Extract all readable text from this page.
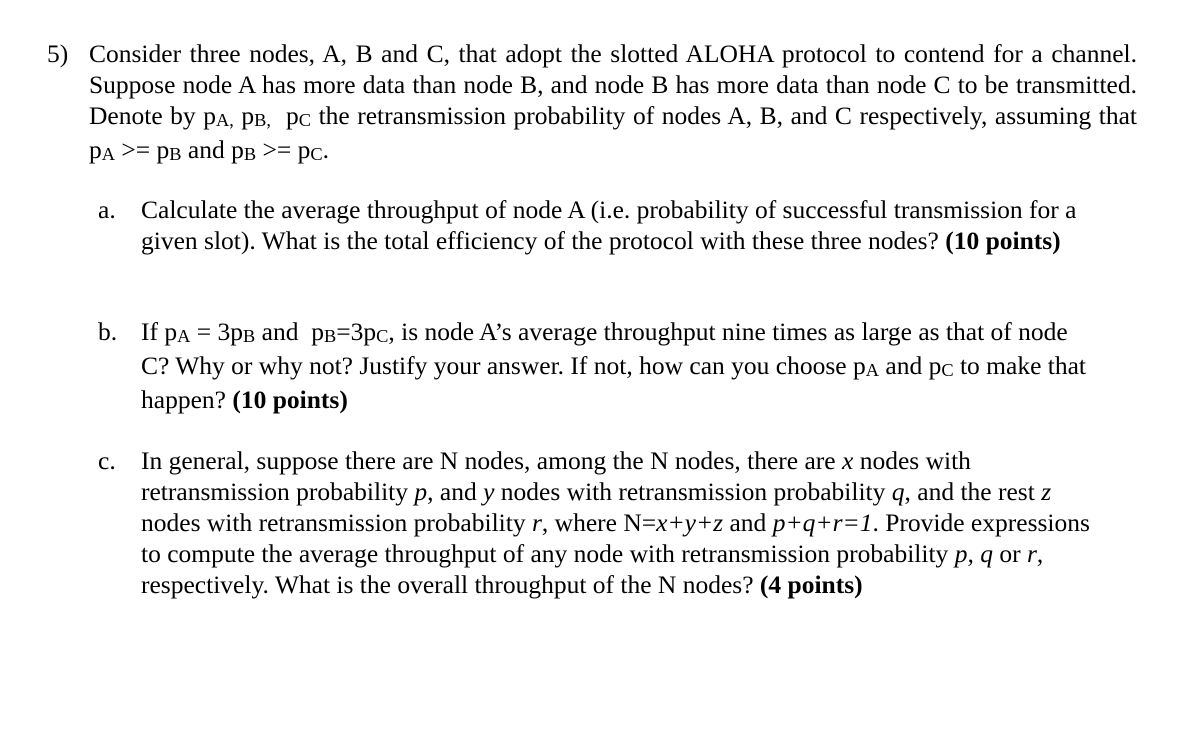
5) Consider three nodes, A, B and C, that adopt the slotted ALOHA protocol to contend for a channel. Suppose node A has more data than node B, and node B has more data than node C to be transmitted. Denote by pA, pB,  pC the retransmission probability of nodes A, B, and C respectively, assuming that pA >= pB and pB >= pC.
a. Calculate the average throughput of node A (i.e. probability of successful transmission for a given slot). What is the total efficiency of the protocol with these three nodes? (10 points)
b. If pA = 3pB and  pB=3pC, is node A’s average throughput nine times as large as that of node C? Why or why not? Justify your answer. If not, how can you choose pA and pC to make that happen? (10 points)
c. In general, suppose there are N nodes, among the N nodes, there are x nodes with retransmission probability p, and y nodes with retransmission probability q, and the rest z nodes with retransmission probability r, where N=x+y+z and p+q+r=1. Provide expressions to compute the average throughput of any node with retransmission probability p, q or r, respectively. What is the overall throughput of the N nodes? (4 points)
